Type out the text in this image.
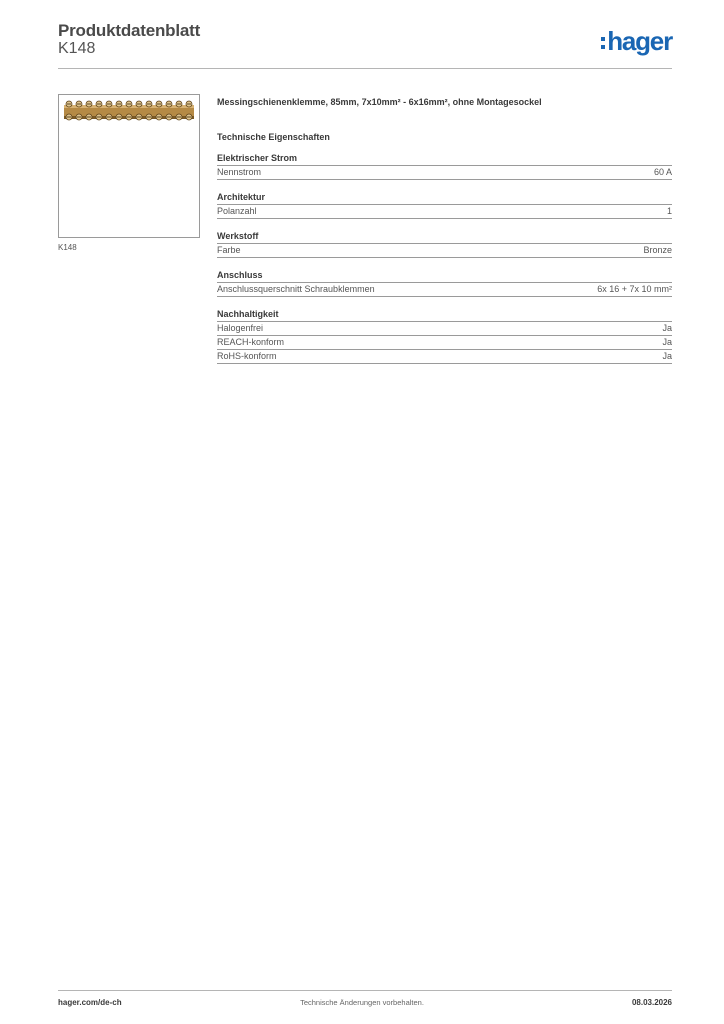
Produktdatenblatt
K148	hager
K148
Messingschienenklemme, 85mm, 7x10mm² - 6x16mm², ohne Montagesockel
Technische Eigenschaften
Elektrischer Strom
Nennstrom	60 A
Architektur
Polanzahl	1
Werkstoff
Farbe	Bronze
Anschluss
Anschlussquerschnitt Schraubklemmen	6x 16 + 7x 10 mm²
Nachhaltigkeit
Halogenfrei	Ja
REACH-konform	Ja
RoHS-konform	Ja
hager.com/de-ch	Technische Änderungen vorbehalten.	08.03.2026
